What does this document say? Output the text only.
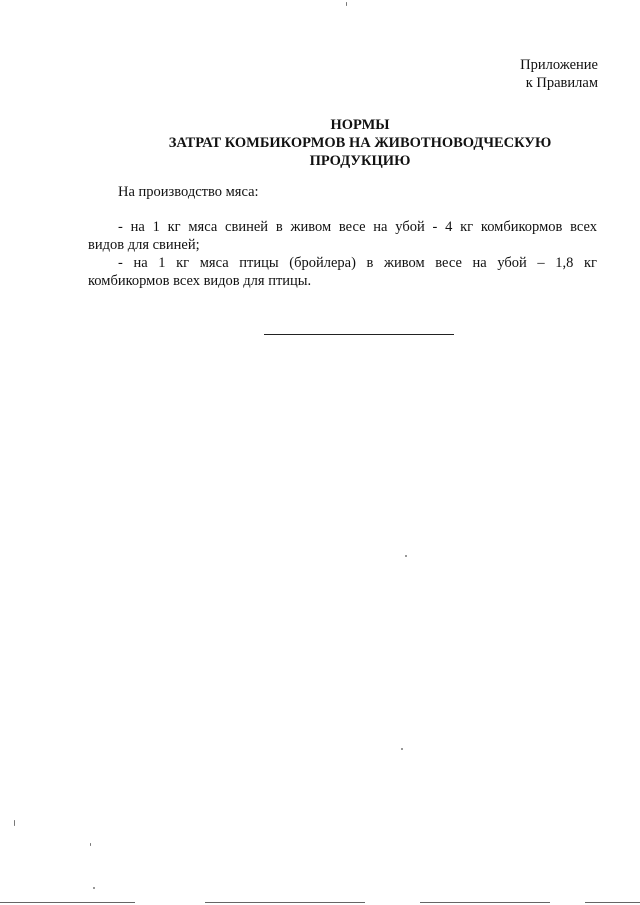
Приложение
к Правилам
НОРМЫ
ЗАТРАТ КОМБИКОРМОВ НА ЖИВОТНОВОДЧЕСКУЮ
ПРОДУКЦИЮ
На производство мяса:
- на 1 кг мяса свиней в живом весе на убой - 4 кг комбикормов всех
видов для свиней;
- на 1 кг мяса птицы (бройлера) в живом весе на убой – 1,8 кг
комбикормов всех видов для птицы.
